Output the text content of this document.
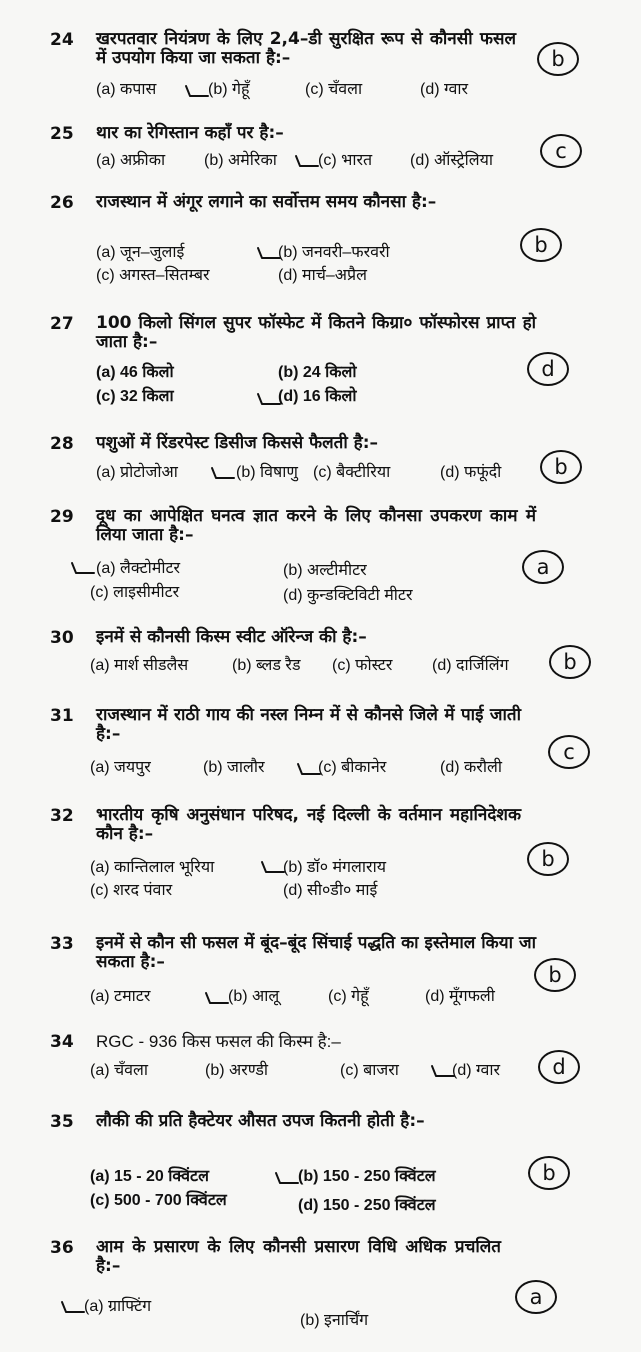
24 खरपतवार नियंत्रण के लिए 2,4–डी सुरक्षित रूप से कौनसी फसल में उपयोग किया जा सकता है:–
(a) कपास	(b) गेहूँ	(c) चँवला	(d) ग्वार
b
25 थार का रेगिस्तान कहाँ पर है:–
(a) अफ्रीका (b) अमेरिका	(c) भारत (d) ऑस्ट्रेलिया	c
26 राजस्थान में अंगूर लगाने का सर्वोत्तम समय कौनसा है:–
(a) जून–जुलाई	(b) जनवरी–फरवरी
(c) अगस्त–सितम्बर	(d) मार्च–अप्रैल
b
27 100 किलो सिंगल सुपर फॉस्फेट में कितने किग्रा० फॉस्फोरस प्राप्त हो जाता है:–
(a) 46 किलो	(b) 24 किलो
(c) 32 किला	(d) 16 किलो
d
28 पशुओं में रिंडरपेस्ट डिसीज किससे फैलती है:–
(a) प्रोटोजोआ	(b) विषाणु (c) बैक्टीरिया	(d) फफूंदी	b
29 दूध का आपेक्षित घनत्व ज्ञात करने के लिए कौनसा उपकरण काम में लिया जाता है:–
(a) लैक्टोमीटर	(b) अल्टीमीटर
(c) लाइसीमीटर	(d) कुन्डक्टिविटी मीटर
a
30 इनमें से कौनसी किस्म स्वीट ऑरेन्ज की है:–
(a) मार्श सीडलैस	(b) ब्लड रैड (c) फोस्टर (d) दार्जिलिंग	b
31 राजस्थान में राठी गाय की नस्ल निम्न में से कौनसे जिले में पाई जाती है:–
(a) जयपुर	(b) जालौर	(c) बीकानेर	(d) करौली
c
32 भारतीय कृषि अनुसंधान परिषद, नई दिल्ली के वर्तमान महानिदेशक कौन है:–
(a) कान्तिलाल भूरिया	(b) डॉ० मंगलाराय
(c) शरद पंवार	(d) सी०डी० माई
b
33 इनमें से कौन सी फसल में बूंद–बूंद सिंचाई पद्धति का इस्तेमाल किया जा सकता है:–
(a) टमाटर	(b) आलू	(c) गेहूँ	(d) मूँगफली
b
34 RGC - 936 किस फसल की किस्म है:–
(a) चँवला	(b) अरण्डी	(c) बाजरा	(d) ग्वार	d
35 लौकी की प्रति हैक्टेयर औसत उपज कितनी होती है:–
(a) 15 - 20 क्विंटल	(b) 150 - 250 क्विंटल
(c) 500 - 700 क्विंटल	(d) 150 - 250 क्विंटल
b
36 आम के प्रसारण के लिए कौनसी प्रसारण विधि अधिक प्रचलित है:–
(a) ग्राफ्टिंग
(b) इनार्चिंग
a
